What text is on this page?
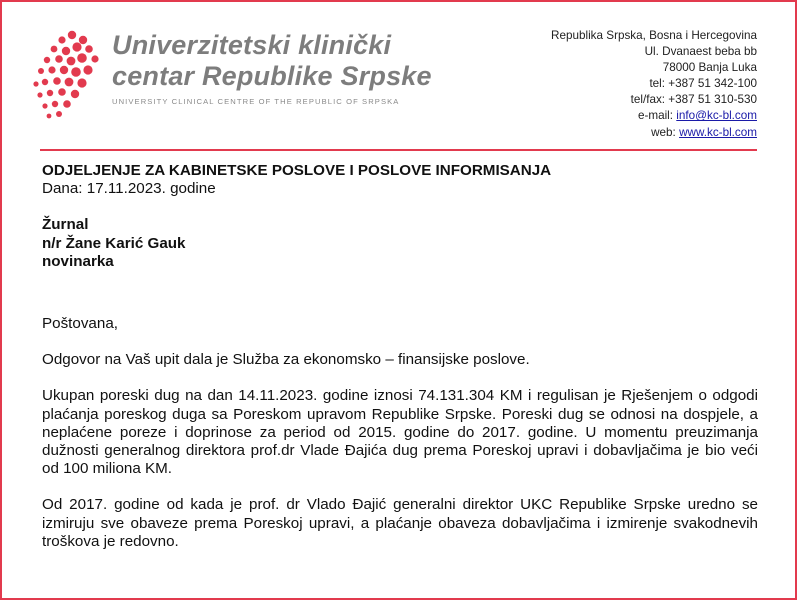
Univerzitetski klinički
centar Republike Srpske
UNIVERSITY CLINICAL CENTRE OF THE REPUBLIC OF SRPSKA
Republika Srpska, Bosna i Hercegovina
Ul. Dvanaest beba bb
78000 Banja Luka
tel: +387 51 342-100
tel/fax: +387 51 310-530
e-mail: info@kc-bl.com
web: www.kc-bl.com
ODJELJENJE ZA KABINETSKE POSLOVE I POSLOVE INFORMISANJA
Dana: 17.11.2023. godine
Žurnal
n/r Žane Karić Gauk
novinarka
Poštovana,

Odgovor na Vaš upit dala je Služba za ekonomsko – finansijske poslove.

Ukupan poreski dug na dan 14.11.2023. godine iznosi 74.131.304 KM i regulisan je Rješenjem o odgodi plaćanja poreskog duga sa Poreskom upravom Republike Srpske. Poreski dug se odnosi na dospjele, a neplaćene poreze i doprinose za period od 2015. godine do 2017. godine. U momentu preuzimanja dužnosti generalnog direktora prof.dr Vlade Đajića dug prema Poreskoj upravi i dobavljačima je bio veći od 100 miliona KM.

Od 2017. godine od kada je prof. dr Vlado Đajić generalni direktor UKC Republike Srpske uredno se izmiruju sve obaveze prema Poreskoj upravi, a plaćanje obaveza dobavljačima i izmirenje svakodnevih troškova je redovno.
